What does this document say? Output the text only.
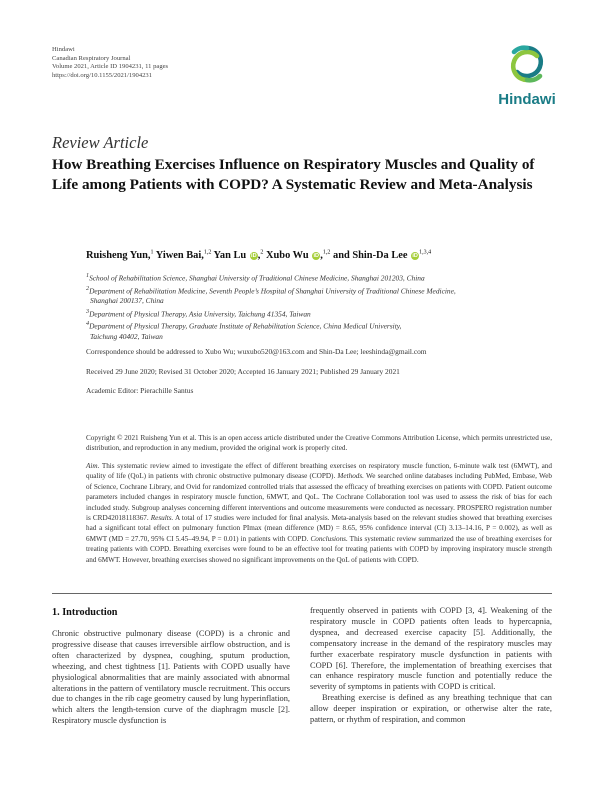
Hindawi
Canadian Respiratory Journal
Volume 2021, Article ID 1904231, 11 pages
https://doi.org/10.1155/2021/1904231
Hindawi
Review Article
How Breathing Exercises Influence on Respiratory Muscles and Quality of Life among Patients with COPD? A Systematic Review and Meta-Analysis
Ruisheng Yun,$^1$ Yiwen Bai,$^{1,2}$ Yan Lu iD,$^2$ Xubo Wu iD,$^{1,2}$ and Shin-Da Lee iD$^{1,3,4}$

$^1$School of Rehabilitation Science, Shanghai University of Traditional Chinese Medicine, Shanghai 201203, China

$^2$Department of Rehabilitation Medicine, Seventh People’s Hospital of Shanghai University of Traditional Chinese Medicine,
Shanghai 200137, China

$^3$Department of Physical Therapy, Asia University, Taichung 41354, Taiwan

$^4$Department of Physical Therapy, Graduate Institute of Rehabilitation Science, China Medical University,
Taichung 40402, Taiwan

Correspondence should be addressed to Xubo Wu; wuxubo520@163.com and Shin-Da Lee; leeshinda@gmail.com
Received 29 June 2020; Revised 31 October 2020; Accepted 16 January 2021; Published 29 January 2021
Academic Editor: Pierachille Santus
Copyright © 2021 Ruisheng Yun et al. This is an open access article distributed under the Creative Commons Attribution License, which permits unrestricted use, distribution, and reproduction in any medium, provided the original work is properly cited.
Aim. This systematic review aimed to investigate the effect of different breathing exercises on respiratory muscle function, 6-minute walk test (6MWT), and quality of life (QoL) in patients with chronic obstructive pulmonary disease (COPD). Methods. We searched online databases including PubMed, Embase, Web of Science, Cochrane Library, and Ovid for randomized controlled trials that assessed the efficacy of breathing exercises on patients with COPD. Patient outcome parameters included changes in respiratory muscle function, 6MWT, and QoL. The Cochrane Collaboration tool was used to assess the risk of bias for each included study. Subgroup analyses concerning different interventions and outcome measurements were conducted as necessary. PROSPERO registration number is CRD42018118367. Results. A total of 17 studies were included for final analysis. Meta-analysis based on the relevant studies showed that breathing exercises had a significant total effect on pulmonary function PImax (mean difference (MD) = 8.65, 95% confidence interval (CI) 3.13–14.16, P = 0.002), as well as 6MWT (MD = 27.70, 95% CI 5.45–49.94, P = 0.01) in patients with COPD. Conclusions. This systematic review summarized the use of breathing exercises for treating patients with COPD. Breathing exercises were found to be an effective tool for treating patients with COPD by improving inspiratory muscle strength and 6MWT. However, breathing exercises showed no significant improvements on the QoL of patients with COPD.
1. Introduction

Chronic obstructive pulmonary disease (COPD) is a chronic and progressive disease that causes irreversible airflow obstruction, and is often characterized by dyspnea, coughing, sputum production, wheezing, and chest tightness [1]. Patients with COPD usually have physiological abnormalities that are mainly associated with abnormal alterations in the pattern of ventilatory muscle recruitment. This occurs due to changes in the rib cage geometry caused by lung hyperinflation, which alters the length-tension curve of the diaphragm muscle [2]. Respiratory muscle dysfunction is

frequently observed in patients with COPD [3, 4]. Weakening of the respiratory muscle in COPD patients often leads to hypercapnia, dyspnea, and decreased exercise capacity [5]. Additionally, the compensatory increase in the demand of the respiratory muscles may further exacerbate respiratory muscle dysfunction in patients with COPD [6]. Therefore, the implementation of breathing exercises that can enhance respiratory muscle function and potentially reduce the severity of symptoms in patients with COPD is critical.

Breathing exercise is defined as any breathing technique that can allow deeper inspiration or expiration, or otherwise alter the rate, pattern, or rhythm of respiration, and common
